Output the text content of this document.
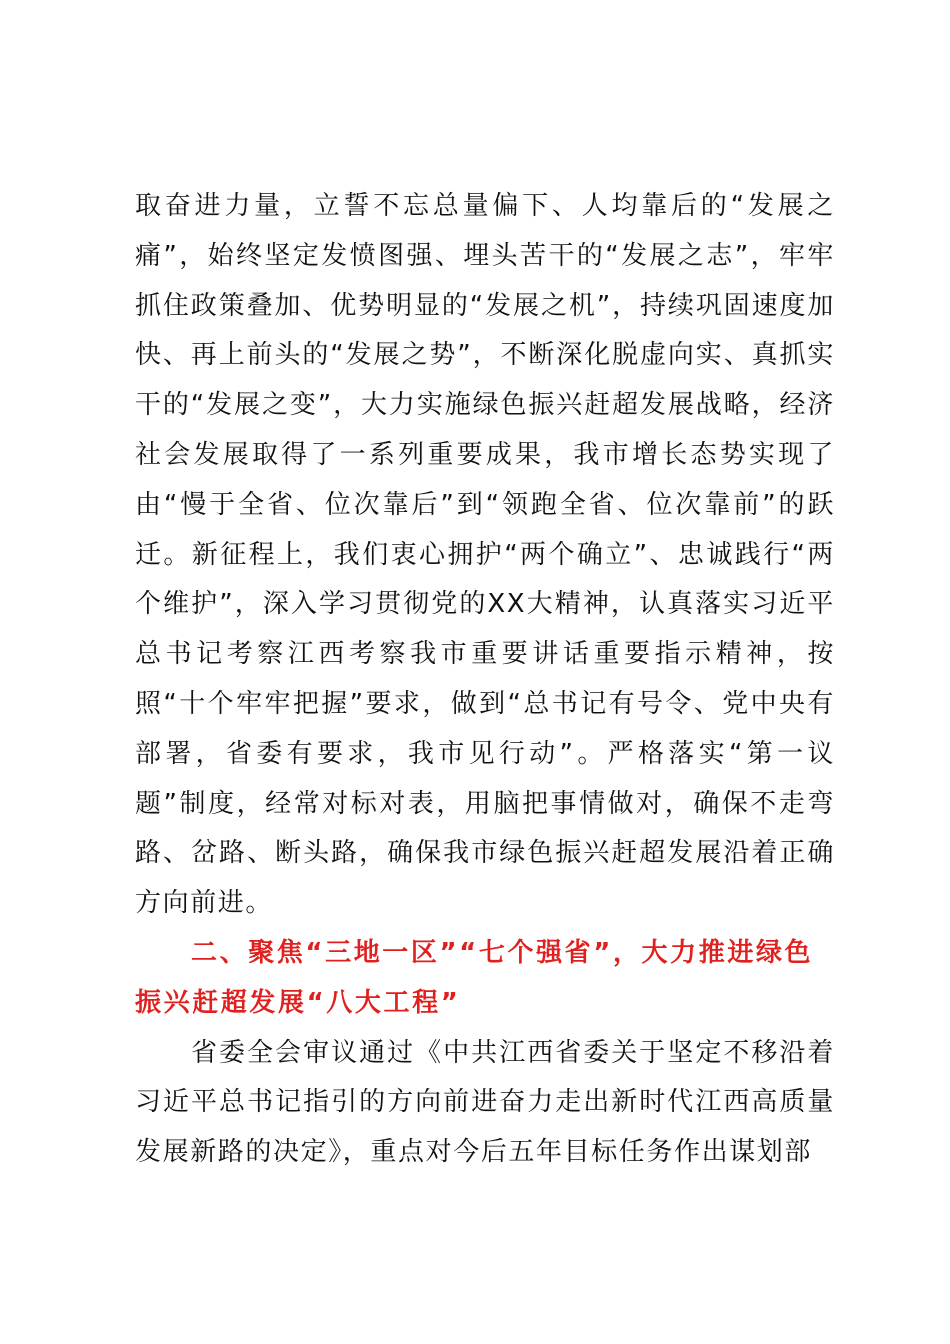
取奋进力量，立誓不忘总量偏下、人均靠后的“发展之痛”，始终坚定发愤图强、埋头苦干的“发展之志”，牢牢抓住政策叠加、优势明显的“发展之机”，持续巩固速度加快、再上前头的“发展之势”，不断深化脱虚向实、真抓实干的“发展之变”，大力实施绿色振兴赶超发展战略，经济社会发展取得了一系列重要成果，我市增长态势实现了由“慢于全省、位次靠后”到“领跑全省、位次靠前”的跃迁。新征程上，我们衷心拥护“两个确立”、忠诚践行“两个维护”，深入学习贯彻党的XX大精神，认真落实习近平总书记考察江西考察我市重要讲话重要指示精神，按照“十个牢牢把握”要求，做到“总书记有号令、党中央有部署，省委有要求，我市见行动”。严格落实“第一议题”制度，经常对标对表，用脑把事情做对，确保不走弯路、岔路、断头路，确保我市绿色振兴赶超发展沿着正确方向前进。

二、聚焦“三地一区”“七个强省”，大力推进绿色振兴赶超发展“八大工程”

省委全会审议通过《中共江西省委关于坚定不移沿着习近平总书记指引的方向前进奋力走出新时代江西高质量发展新路的决定》，重点对今后五年目标任务作出谋划部
